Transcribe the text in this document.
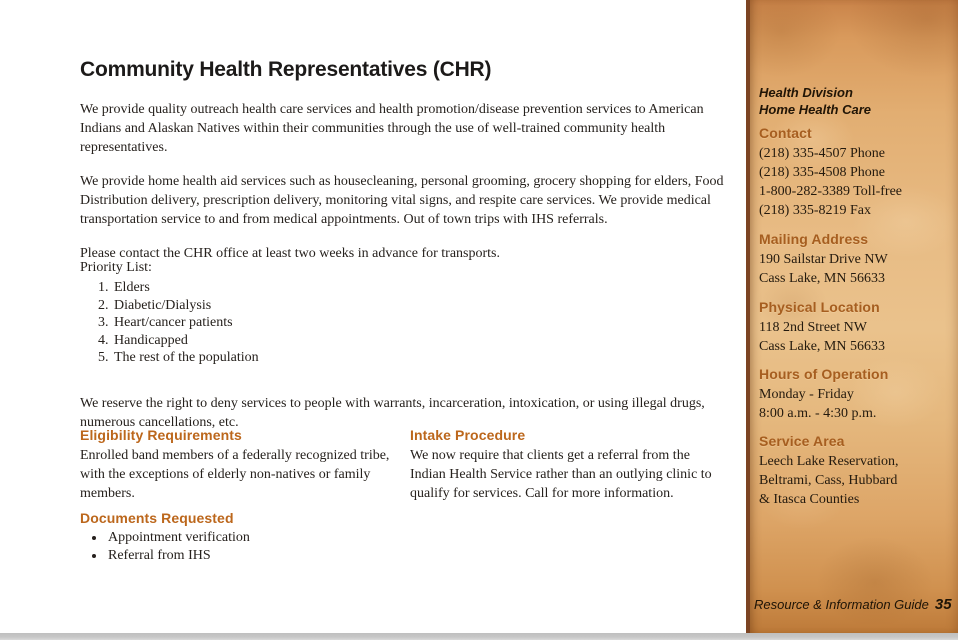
Community Health Representatives (CHR)

We provide quality outreach health care services and health promotion/disease prevention services to American Indians and Alaskan Natives within their communities through the use of well-trained community health representatives.

We provide home health aid services such as housecleaning, personal grooming, grocery shopping for elders, Food Distribution delivery, prescription delivery, monitoring vital signs, and respite care services. We provide medical transportation service to and from medical appointments. Out of town trips with IHS referrals.

Please contact the CHR office at least two weeks in advance for transports.

Priority List:
1. Elders
2. Diabetic/Dialysis
3. Heart/cancer patients
4. Handicapped
5. The rest of the population

We reserve the right to deny services to people with warrants, incarceration, intoxication, or using illegal drugs, numerous cancellations, etc.

Eligibility Requirements

Enrolled band members of a federally recognized tribe, with the exceptions of elderly non-natives or family members.

Intake Procedure

We now require that clients get a referral from the Indian Health Service rather than an outlying clinic to qualify for services. Call for more information.

Documents Requested
• Appointment verification
• Referral from IHS
Health Division
Home Health Care
Contact
(218) 335-4507 Phone
(218) 335-4508 Phone
1-800-282-3389 Toll-free
(218) 335-8219 Fax
Mailing Address
190 Sailstar Drive NW
Cass Lake, MN 56633
Physical Location
118 2nd Street NW
Cass Lake, MN 56633
Hours of Operation
Monday - Friday
8:00 a.m. - 4:30 p.m.
Service Area
Leech Lake Reservation,
Beltrami, Cass, Hubbard
& Itasca Counties
Resource & Information Guide 35
